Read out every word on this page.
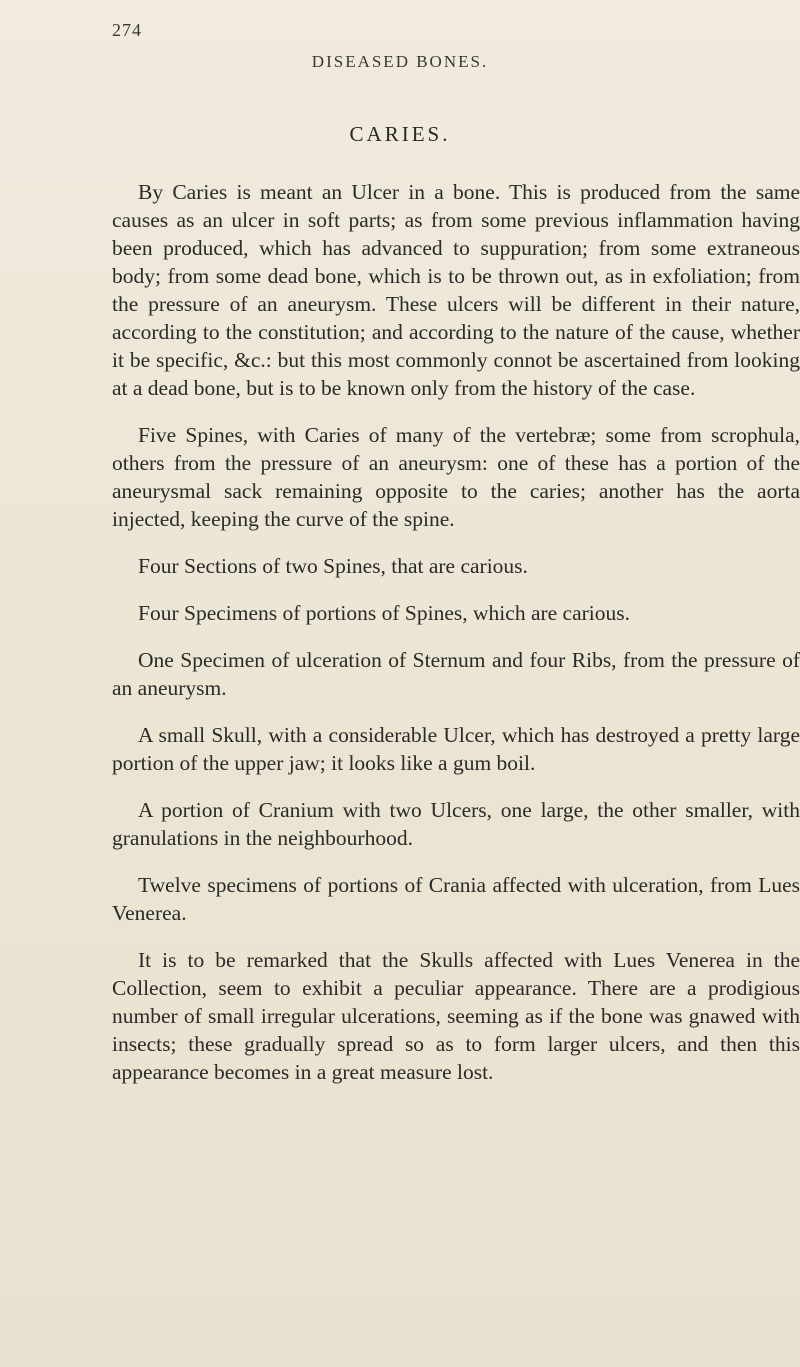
274
DISEASED BONES.
CARIES.

By Caries is meant an Ulcer in a bone. This is produced from the same causes as an ulcer in soft parts; as from some previous inflammation having been produced, which has advanced to suppuration; from some extraneous body; from some dead bone, which is to be thrown out, as in exfoliation; from the pressure of an aneurysm. These ulcers will be different in their nature, according to the constitution; and according to the nature of the cause, whether it be specific, &c.: but this most commonly connot be ascertained from looking at a dead bone, but is to be known only from the history of the case.

Five Spines, with Caries of many of the vertebræ; some from scrophula, others from the pressure of an aneurysm: one of these has a portion of the aneurysmal sack remaining opposite to the caries; another has the aorta injected, keeping the curve of the spine.

Four Sections of two Spines, that are carious.

Four Specimens of portions of Spines, which are carious.

One Specimen of ulceration of Sternum and four Ribs, from the pressure of an aneurysm.

A small Skull, with a considerable Ulcer, which has destroyed a pretty large portion of the upper jaw; it looks like a gum boil.

A portion of Cranium with two Ulcers, one large, the other smaller, with granulations in the neighbourhood.

Twelve specimens of portions of Crania affected with ulceration, from Lues Venerea.

It is to be remarked that the Skulls affected with Lues Venerea in the Collection, seem to exhibit a peculiar appearance. There are a prodigious number of small irregular ulcerations, seeming as if the bone was gnawed with insects; these gradually spread so as to form larger ulcers, and then this appearance becomes in a great measure lost.
